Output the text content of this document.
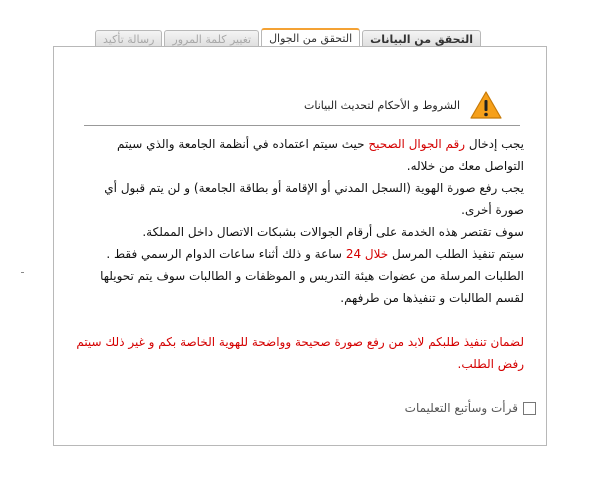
التحقق من البيانات
التحقق من الجوال
تغيير كلمة المرور
رسالة تأكيد
الشروط و الأحكام لتحديث البيانات

يجب إدخال رقم الجوال الصحيح حيث سيتم اعتماده في أنظمة الجامعة والذي سيتم التواصل معك من خلاله.

يجب رفع صورة الهوية (السجل المدني أو الإقامة أو بطاقة الجامعة) و لن يتم قبول أي صورة أخرى.

سوف تقتصر هذه الخدمة على أرقام الجوالات بشبكات الاتصال داخل المملكة.

سيتم تنفيذ الطلب المرسل خلال 24 ساعة و ذلك أثناء ساعات الدوام الرسمي فقط .

الطلبات المرسلة من عضوات هيئة التدريس و الموظفات و الطالبات سوف يتم تحويلها لقسم الطالبات و تنفيذها من طرفهم.

لضمان تنفيذ طلبكم لابد من رفع صورة صحيحة وواضحة للهوية الخاصة بكم و غير ذلك سيتم رفض الطلب.

قرأت وسأتبع التعليمات
